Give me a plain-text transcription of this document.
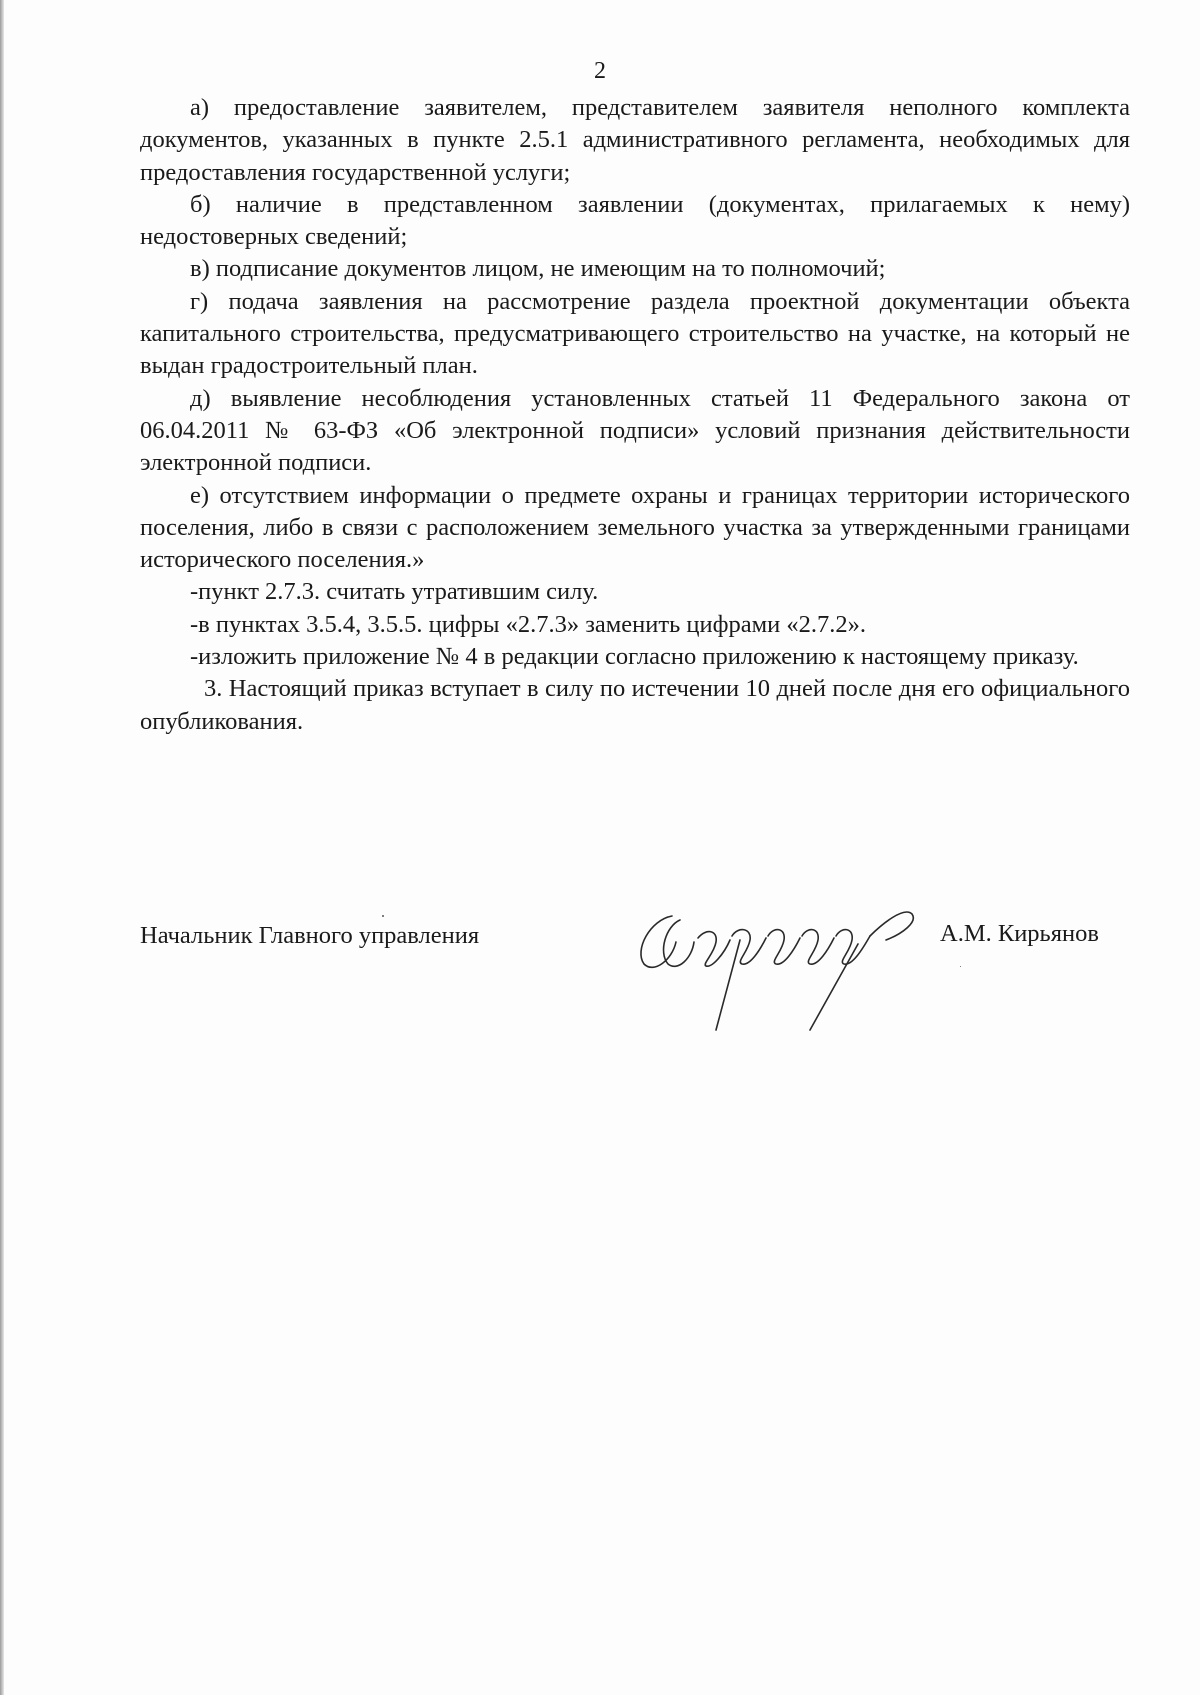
2

а) предоставление заявителем, представителем заявителя неполного комплекта документов, указанных в пункте 2.5.1 административного регламента, необходимых для предоставления государственной услуги;

б) наличие в представленном заявлении (документах, прилагаемых к нему) недостоверных сведений;

в) подписание документов лицом, не имеющим на то полномочий;

г) подача заявления на рассмотрение раздела проектной документации объекта капитального строительства, предусматривающего строительство на участке, на который не выдан градостроительный план.

д) выявление несоблюдения установленных статьей 11 Федерального закона от 06.04.2011 № 63-ФЗ «Об электронной подписи» условий признания действительности электронной подписи.

е) отсутствием информации о предмете охраны и границах территории исторического поселения, либо в связи с расположением земельного участка за утвержденными границами исторического поселения.»

-пункт 2.7.3. считать утратившим силу.

-в пунктах 3.5.4, 3.5.5. цифры «2.7.3» заменить цифрами «2.7.2».

-изложить приложение № 4 в редакции согласно приложению к настоящему приказу.

3. Настоящий приказ вступает в силу по истечении 10 дней после дня его официального опубликования.

Начальник Главного управления	А.М. Кирьянов
